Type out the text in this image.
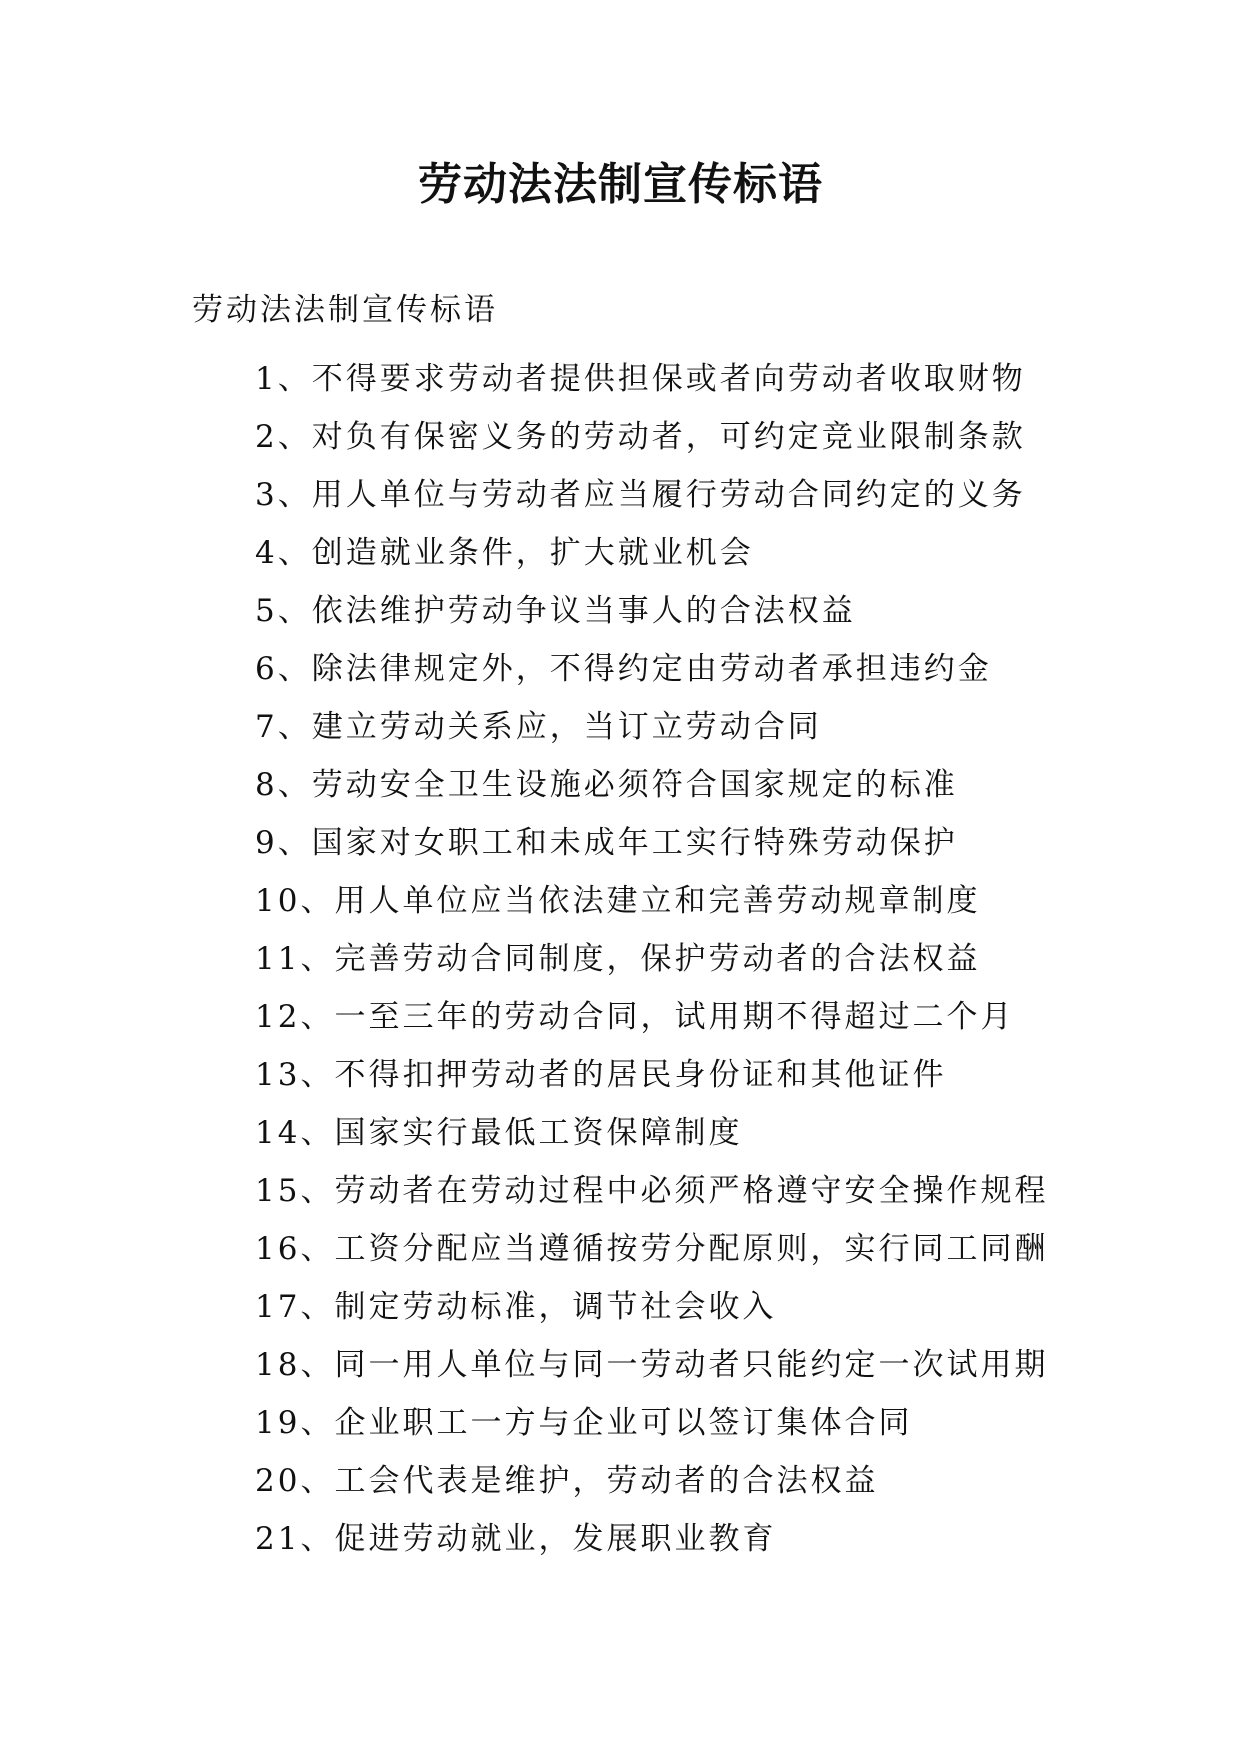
劳动法法制宣传标语

劳动法法制宣传标语

1、不得要求劳动者提供担保或者向劳动者收取财物
2、对负有保密义务的劳动者，可约定竞业限制条款
3、用人单位与劳动者应当履行劳动合同约定的义务
4、创造就业条件，扩大就业机会
5、依法维护劳动争议当事人的合法权益
6、除法律规定外，不得约定由劳动者承担违约金
7、建立劳动关系应，当订立劳动合同
8、劳动安全卫生设施必须符合国家规定的标准
9、国家对女职工和未成年工实行特殊劳动保护
10、用人单位应当依法建立和完善劳动规章制度
11、完善劳动合同制度，保护劳动者的合法权益
12、一至三年的劳动合同，试用期不得超过二个月
13、不得扣押劳动者的居民身份证和其他证件
14、国家实行最低工资保障制度
15、劳动者在劳动过程中必须严格遵守安全操作规程
16、工资分配应当遵循按劳分配原则，实行同工同酬
17、制定劳动标准，调节社会收入
18、同一用人单位与同一劳动者只能约定一次试用期
19、企业职工一方与企业可以签订集体合同
20、工会代表是维护，劳动者的合法权益
21、促进劳动就业，发展职业教育
